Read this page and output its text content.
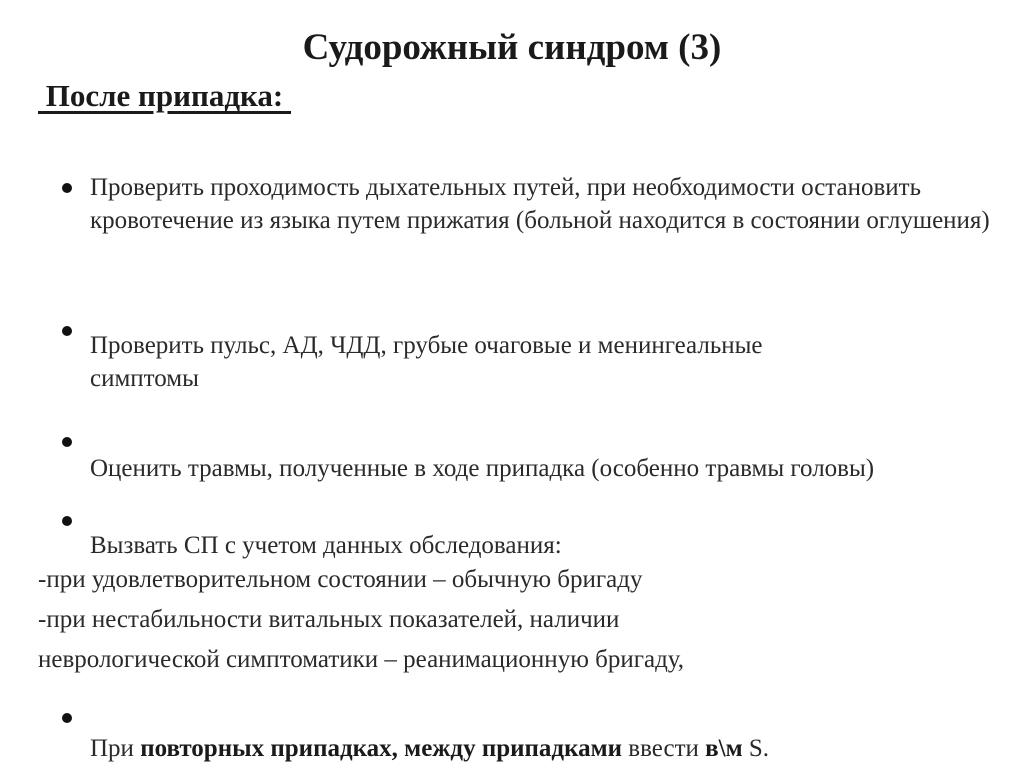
Судорожный синдром (3)
После припадка:

Проверить проходимость дыхательных путей, при необходимости остановить кровотечение из языка путем прижатия (больной находится в состоянии оглушения)

Проверить пульс, АД, ЧДД, грубые очаговые и менингеальные
симптомы

Оценить травмы, полученные в ходе припадка (особенно травмы головы)

Вызвать СП с учетом данных обследования:

-при удовлетворительном состоянии – обычную бригаду

-при нестабильности витальных показателей, наличии

неврологической симптоматики – реанимационную бригаду,

При повторных припадках, между припадками ввести в\м S.
